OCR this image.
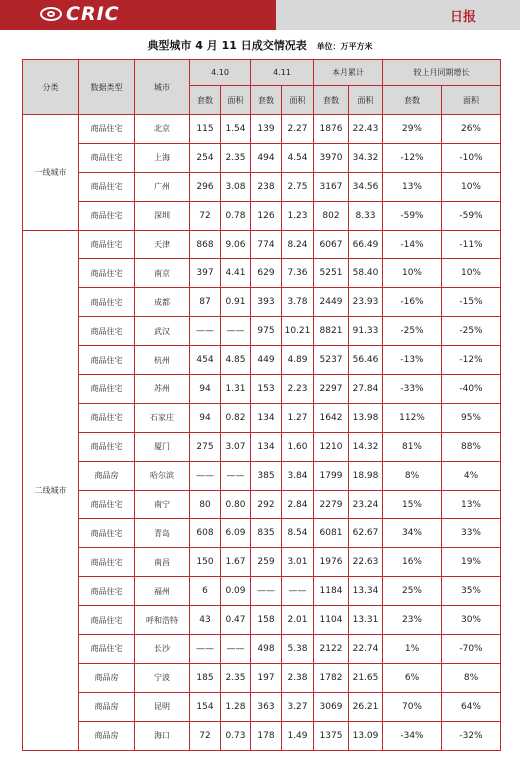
CRIC	日报
典型城市 4 月 11 日成交情况表 单位：万平方米
分类	数据类型	城市	4.10		4.11		本月累计		较上月同期增长	
			套数	面积	套数	面积	套数	面积	套数	面积
一线城市	商品住宅	北京	115	1.54	139	2.27	1876	22.43	29%	26%
	商品住宅	上海	254	2.35	494	4.54	3970	34.32	-12%	-10%
	商品住宅	广州	296	3.08	238	2.75	3167	34.56	13%	10%
	商品住宅	深圳	72	0.78	126	1.23	802	8.33	-59%	-59%
二线城市	商品住宅	天津	868	9.06	774	8.24	6067	66.49	-14%	-11%
	商品住宅	南京	397	4.41	629	7.36	5251	58.40	10%	10%
	商品住宅	成都	87	0.91	393	3.78	2449	23.93	-16%	-15%
	商品住宅	武汉	——	——	975	10.21	8821	91.33	-25%	-25%
	商品住宅	杭州	454	4.85	449	4.89	5237	56.46	-13%	-12%
	商品住宅	苏州	94	1.31	153	2.23	2297	27.84	-33%	-40%
	商品住宅	石家庄	94	0.82	134	1.27	1642	13.98	112%	95%
	商品住宅	厦门	275	3.07	134	1.60	1210	14.32	81%	88%
	商品房	哈尔滨	——	——	385	3.84	1799	18.98	8%	4%
	商品住宅	南宁	80	0.80	292	2.84	2279	23.24	15%	13%
	商品住宅	青岛	608	6.09	835	8.54	6081	62.67	34%	33%
	商品住宅	南昌	150	1.67	259	3.01	1976	22.63	16%	19%
	商品住宅	福州	6	0.09	——	——	1184	13.34	25%	35%
	商品住宅	呼和浩特	43	0.47	158	2.01	1104	13.31	23%	30%
	商品住宅	长沙	——	——	498	5.38	2122	22.74	1%	-70%
	商品房	宁波	185	2.35	197	2.38	1782	21.65	6%	8%
	商品房	昆明	154	1.28	363	3.27	3069	26.21	70%	64%
	商品房	海口	72	0.73	178	1.49	1375	13.09	-34%	-32%
